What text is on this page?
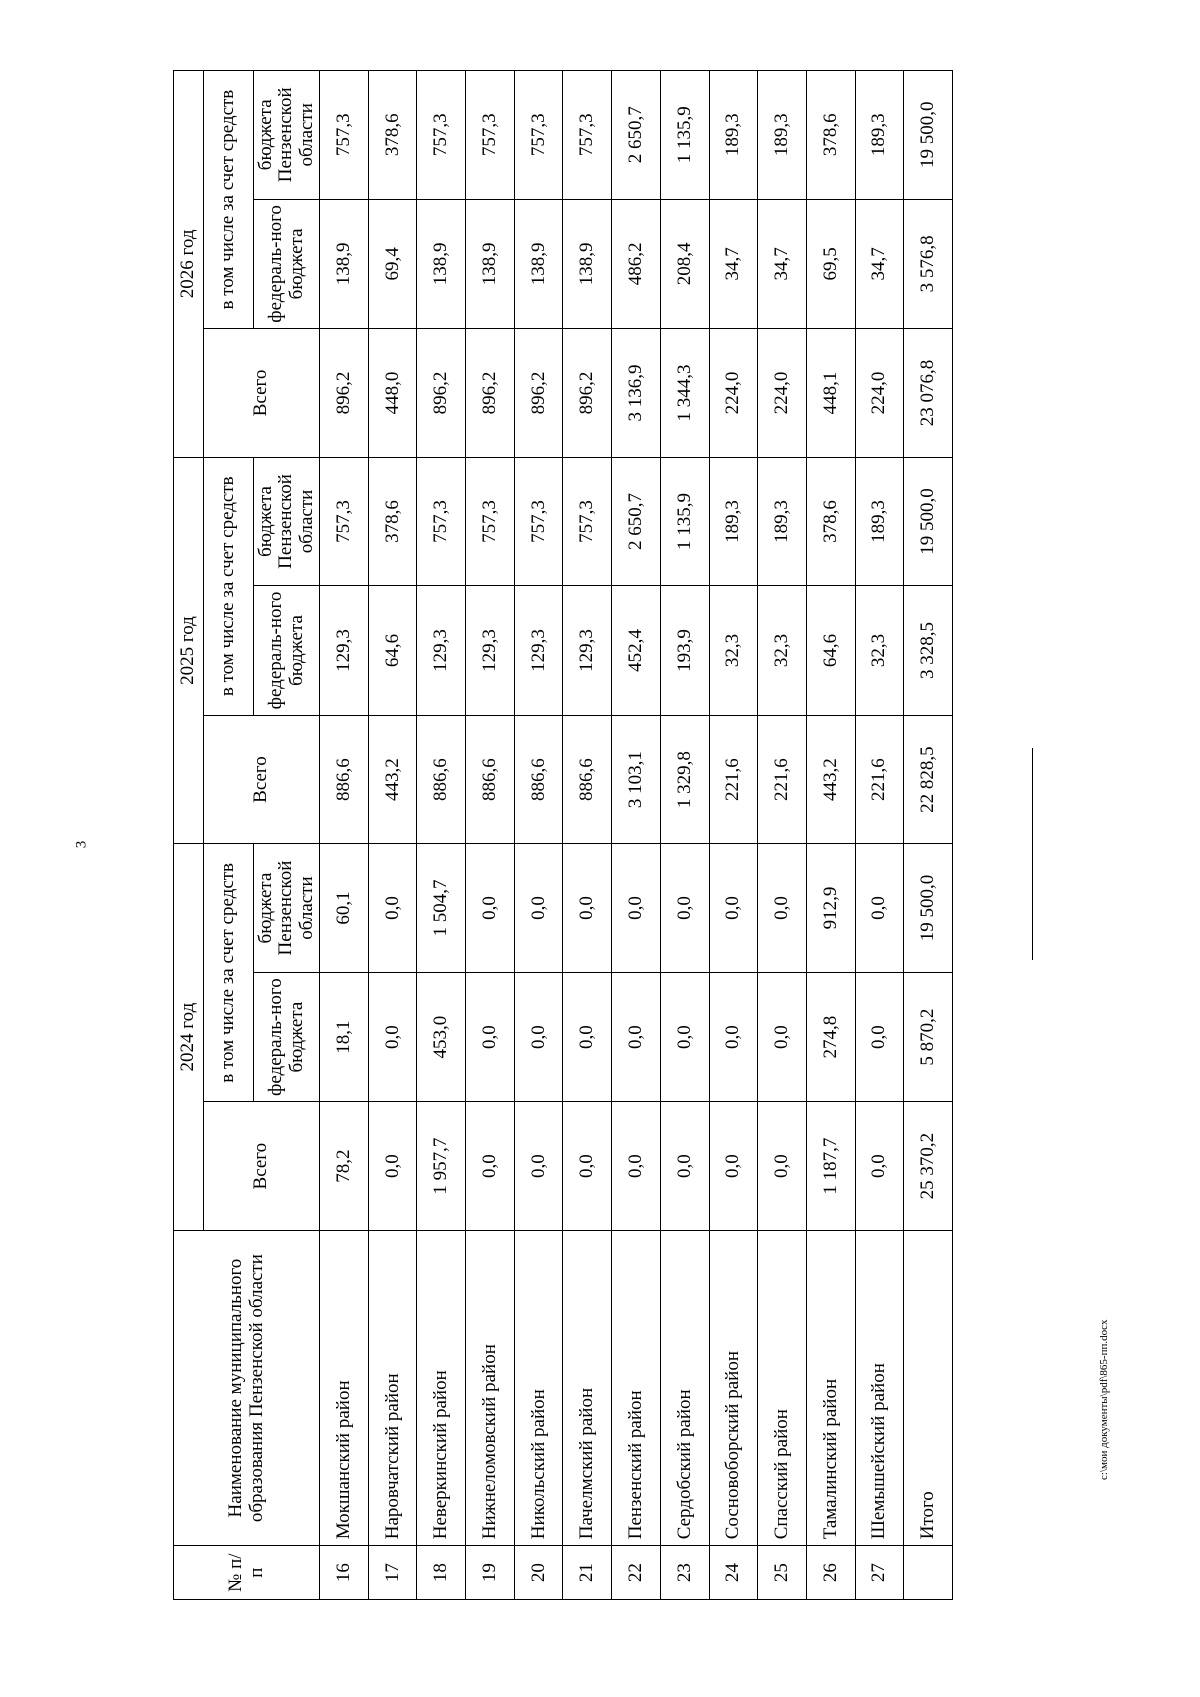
3
№ п/п	Наименование муниципального образования Пензенской области	2024 год			2025 год			2026 год		
		Всего	в том числе за счет средств		Всего	в том числе за счет средств		Всего	в том числе за счет средств	
			федераль-ного бюджета	бюджета Пензенской области		федераль-ного бюджета	бюджета Пензенской области		федераль-ного бюджета	бюджета Пензенской области
16	Мокшанский район	78,2	18,1	60,1	886,6	129,3	757,3	896,2	138,9	757,3
17	Наровчатский район	0,0	0,0	0,0	443,2	64,6	378,6	448,0	69,4	378,6
18	Неверкинский район	1 957,7	453,0	1 504,7	886,6	129,3	757,3	896,2	138,9	757,3
19	Нижнеломовский район	0,0	0,0	0,0	886,6	129,3	757,3	896,2	138,9	757,3
20	Никольский район	0,0	0,0	0,0	886,6	129,3	757,3	896,2	138,9	757,3
21	Пачелмский район	0,0	0,0	0,0	886,6	129,3	757,3	896,2	138,9	757,3
22	Пензенский район	0,0	0,0	0,0	3 103,1	452,4	2 650,7	3 136,9	486,2	2 650,7
23	Сердобский район	0,0	0,0	0,0	1 329,8	193,9	1 135,9	1 344,3	208,4	1 135,9
24	Сосновоборский район	0,0	0,0	0,0	221,6	32,3	189,3	224,0	34,7	189,3
25	Спасский район	0,0	0,0	0,0	221,6	32,3	189,3	224,0	34,7	189,3
26	Тамалинский район	1 187,7	274,8	912,9	443,2	64,6	378,6	448,1	69,5	378,6
27	Шемышейский район	0,0	0,0	0,0	221,6	32,3	189,3	224,0	34,7	189,3
	Итого	25 370,2	5 870,2	19 500,0	22 828,5	3 328,5	19 500,0	23 076,8	3 576,8	19 500,0
c:\мои документы\pdf\865-пп.docx
